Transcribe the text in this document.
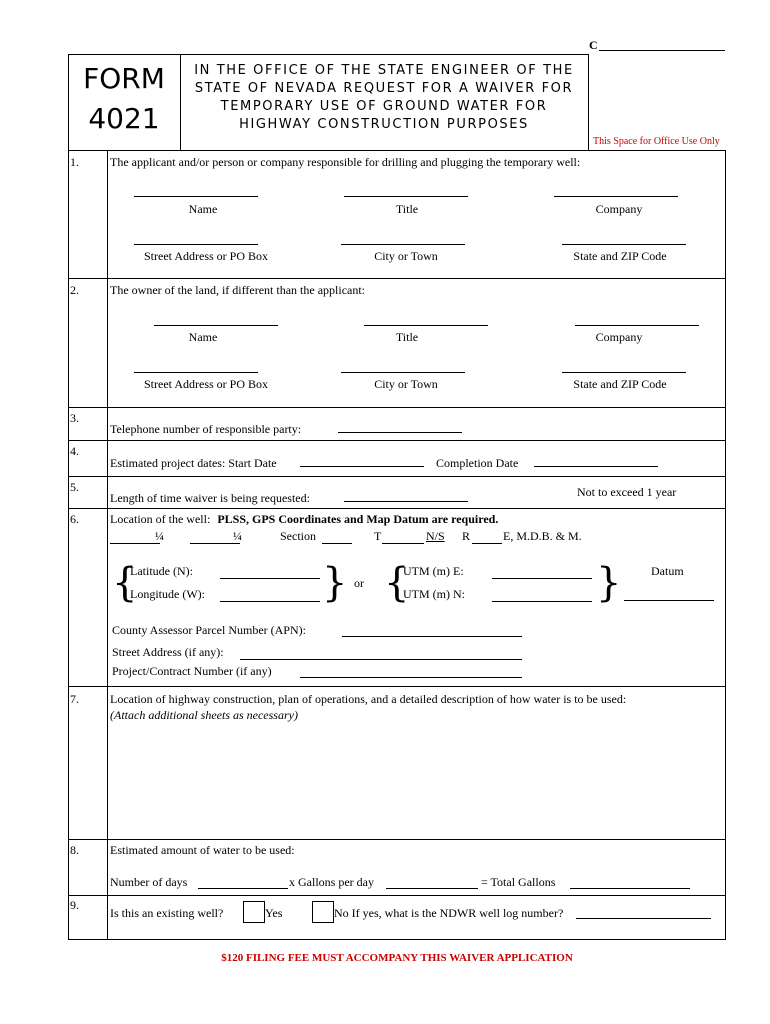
C
FORM
4021
IN THE OFFICE OF THE STATE ENGINEER OF THE
STATE OF NEVADA REQUEST FOR A WAIVER FOR
TEMPORARY USE OF GROUND WATER FOR
HIGHWAY CONSTRUCTION PURPOSES
This Space for Office Use Only
1.	The applicant and/or person or company responsible for drilling and plugging the temporary well:
Name	Title	Company
Street Address or PO Box	City or Town	State and ZIP Code
2.	The owner of the land, if different than the applicant:
Name	Title	Company
Street Address or PO Box	City or Town	State and ZIP Code
3.
Telephone number of responsible party:
4.
Estimated project dates: Start Date	Completion Date
5.
Length of time waiver is being requested:	Not to exceed 1 year
6.	Location of the well: PLSS, GPS Coordinates and Map Datum are required.
¼	¼	Section	T	N/S R	E, M.D.B. & M.
{
Latitude (N):
Longitude (W):	} or {
UTM (m) E:
UTM (m) N:	} Datum
County Assessor Parcel Number (APN):
Street Address (if any):
Project/Contract Number (if any)
7.	Location of highway construction, plan of operations, and a detailed description of how water is to be used:
(Attach additional sheets as necessary)
8.	Estimated amount of water to be used:
Number of days	x Gallons per day	= Total Gallons
9.
Is this an existing well?	Yes	No If yes, what is the NDWR well log number?
$120 FILING FEE MUST ACCOMPANY THIS WAIVER APPLICATION
